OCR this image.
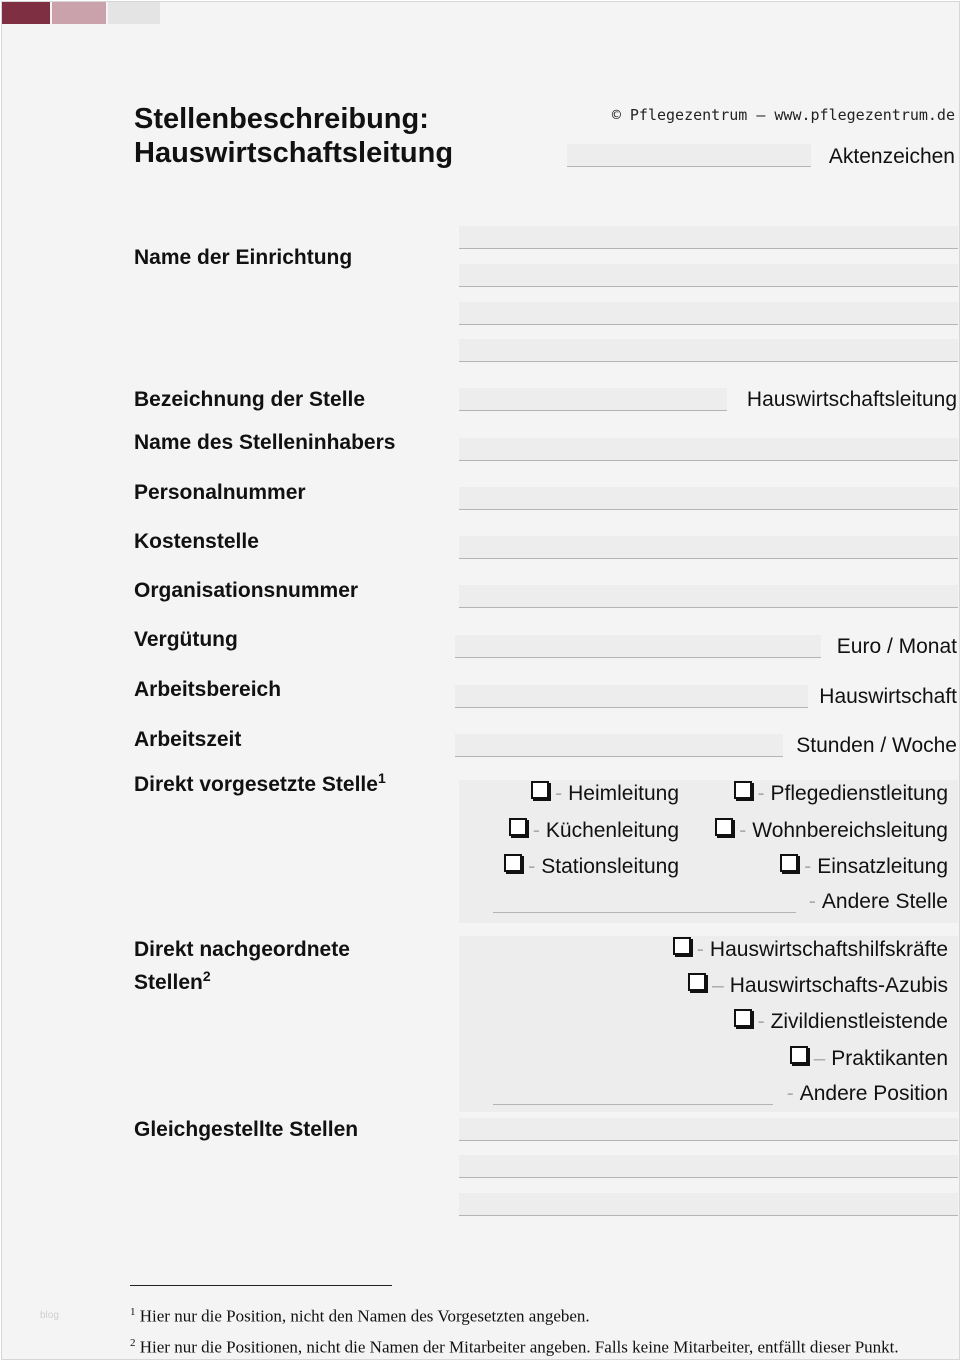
Stellenbeschreibung:
Hauswirtschaftsleitung
© Pflegezentrum – www.pflegezentrum.de
Aktenzeichen
Name der Einrichtung
Bezeichnung der Stelle	Hauswirtschaftsleitung
Name des Stelleninhabers
Personalnummer
Kostenstelle
Organisationsnummer
Vergütung	Euro / Monat
Arbeitsbereich	Hauswirtschaft
Arbeitszeit	Stunden / Woche
Direkt vorgesetzte Stelle$^1$
- Heimleitung	- Pflegedienstleitung
- Küchenleitung	- Wohnbereichsleitung
- Stationsleitung	- Einsatzleitung
- Andere Stelle
Direkt nachgeordnete
Stellen$^2$
- Hauswirtschaftshilfskräfte
– Hauswirtschafts-Azubis
- Zivildienstleistende
– Praktikanten
- Andere Position
Gleichgestellte Stellen
blog	$^1$ Hier nur die Position, nicht den Namen des Vorgesetzten angeben.
$^2$ Hier nur die Positionen, nicht die Namen der Mitarbeiter angeben. Falls keine Mitarbeiter, entfällt dieser Punkt.
